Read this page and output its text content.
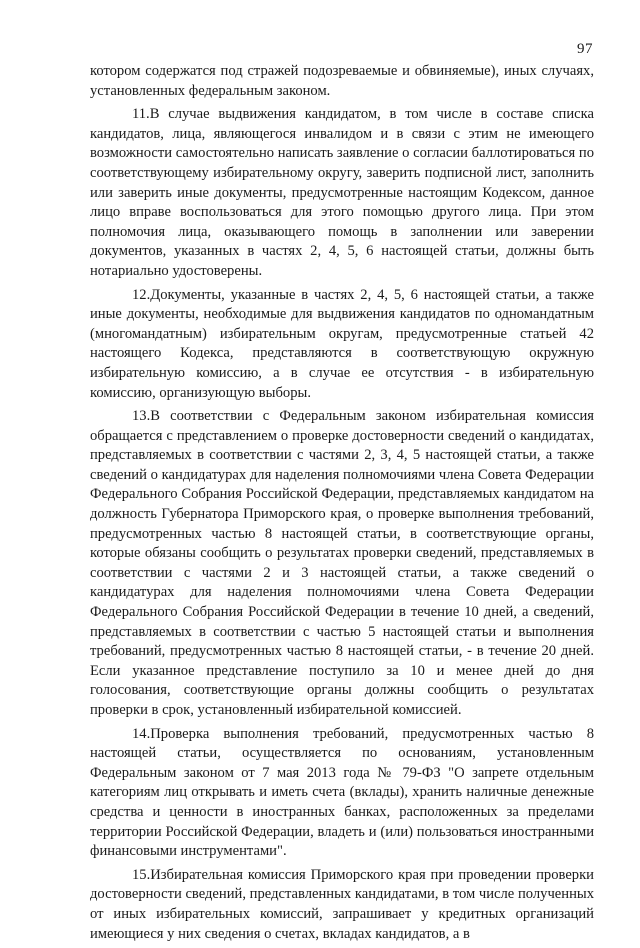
97

котором содержатся под стражей подозреваемые и обвиняемые), иных случаях, установленных федеральным законом.

11.В случае выдвижения кандидатом, в том числе в составе списка кандидатов, лица, являющегося инвалидом и в связи с этим не имеющего возможности самостоятельно написать заявление о согласии баллотироваться по соответствующему избирательному округу, заверить подписной лист, заполнить или заверить иные документы, предусмотренные настоящим Кодексом, данное лицо вправе воспользоваться для этого помощью другого лица. При этом полномочия лица, оказывающего помощь в заполнении или заверении документов, указанных в частях 2, 4, 5, 6 настоящей статьи, должны быть нотариально удостоверены.

12.Документы, указанные в частях 2, 4, 5, 6 настоящей статьи, а также иные документы, необходимые для выдвижения кандидатов по одномандатным (многомандатным) избирательным округам, предусмотренные статьей 42 настоящего Кодекса, представляются в соответствующую окружную избирательную комиссию, а в случае ее отсутствия - в избирательную комиссию, организующую выборы.

13.В соответствии с Федеральным законом избирательная комиссия обращается с представлением о проверке достоверности сведений о кандидатах, представляемых в соответствии с частями 2, 3, 4, 5 настоящей статьи, а также сведений о кандидатурах для наделения полномочиями члена Совета Федерации Федерального Собрания Российской Федерации, представляемых кандидатом на должность Губернатора Приморского края, о проверке выполнения требований, предусмотренных частью 8 настоящей статьи, в соответствующие органы, которые обязаны сообщить о результатах проверки сведений, представляемых в соответствии с частями 2 и 3 настоящей статьи, а также сведений о кандидатурах для наделения полномочиями члена Совета Федерации Федерального Собрания Российской Федерации в течение 10 дней, а сведений, представляемых в соответствии с частью 5 настоящей статьи и выполнения требований, предусмотренных частью 8 настоящей статьи, - в течение 20 дней. Если указанное представление поступило за 10 и менее дней до дня голосования, соответствующие органы должны сообщить о результатах проверки в срок, установленный избирательной комиссией.

14.Проверка выполнения требований, предусмотренных частью 8 настоящей статьи, осуществляется по основаниям, установленным Федеральным законом от 7 мая 2013 года № 79-ФЗ "О запрете отдельным категориям лиц открывать и иметь счета (вклады), хранить наличные денежные средства и ценности в иностранных банках, расположенных за пределами территории Российской Федерации, владеть и (или) пользоваться иностранными финансовыми инструментами".

15.Избирательная комиссия Приморского края при проведении проверки достоверности сведений, представленных кандидатами, в том числе полученных от иных избирательных комиссий, запрашивает у кредитных организаций имеющиеся у них сведения о счетах, вкладах кандидатов, а в
